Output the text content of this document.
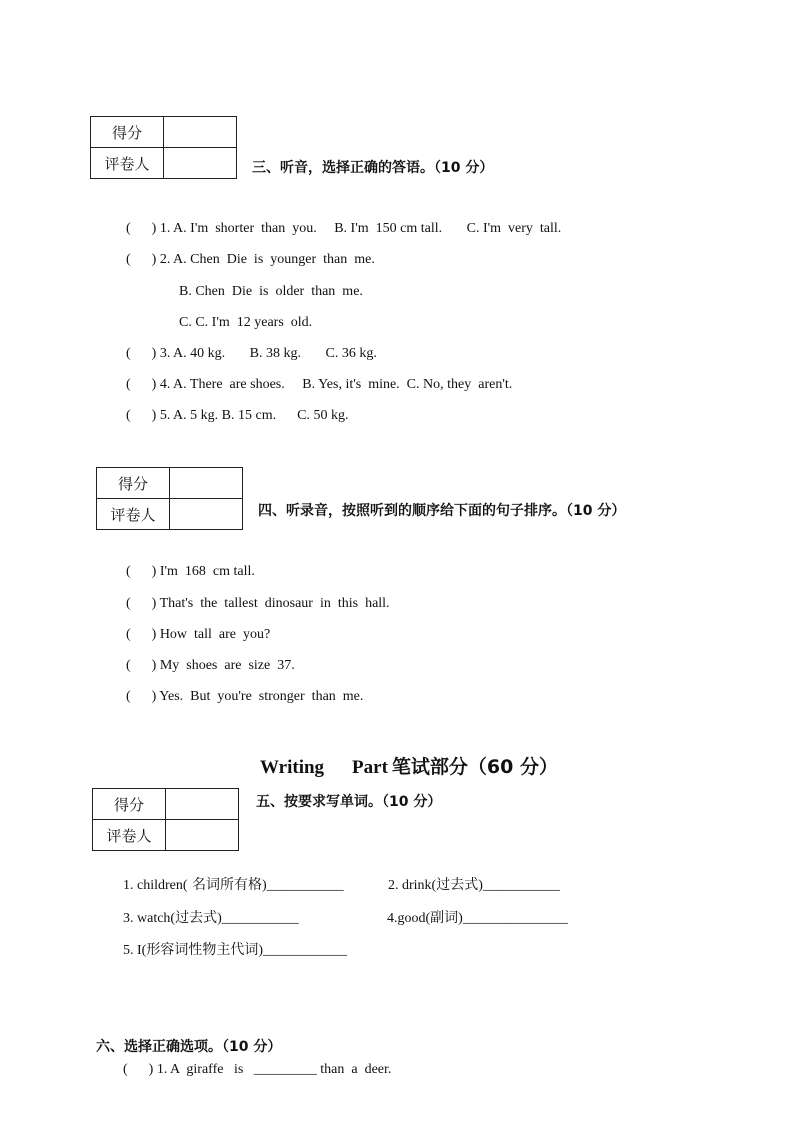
得分	
评卷人		三、听音，选择正确的答语。（10 分）
(      ) 1. A. I'm  shorter  than  you.     B. I'm  150 cm tall.       C. I'm  very  tall.
(      ) 2. A. Chen  Die  is  younger  than  me.
B. Chen  Die  is  older  than  me.
C. C. I'm  12 years  old.
(      ) 3. A. 40 kg.       B. 38 kg.       C. 36 kg.
(      ) 4. A. There  are shoes.     B. Yes, it's  mine.  C. No, they  aren't.
(      ) 5. A. 5 kg. B. 15 cm.      C. 50 kg.
得分	
评卷人		四、听录音，按照听到的顺序给下面的句子排序。（10 分）
(      ) I'm  168  cm tall.
(      ) That's  the  tallest  dinosaur  in  this  hall.
(      ) How  tall  are  you?
(      ) My  shoes  are  size  37.
(      ) Yes.  But  you're  stronger  than  me.
Writing Part 笔试部分（60 分）
得分	
评卷人	
五、按要求写单词。（10 分）
1. children( 名词所有格)___________	2. drink(过去式)___________
3. watch(过去式)___________	4.good(副词)_______________
5. I(形容词性物主代词)____________
六、选择正确选项。（10 分）
(      ) 1. A  giraffe   is   _________ than  a  deer.
